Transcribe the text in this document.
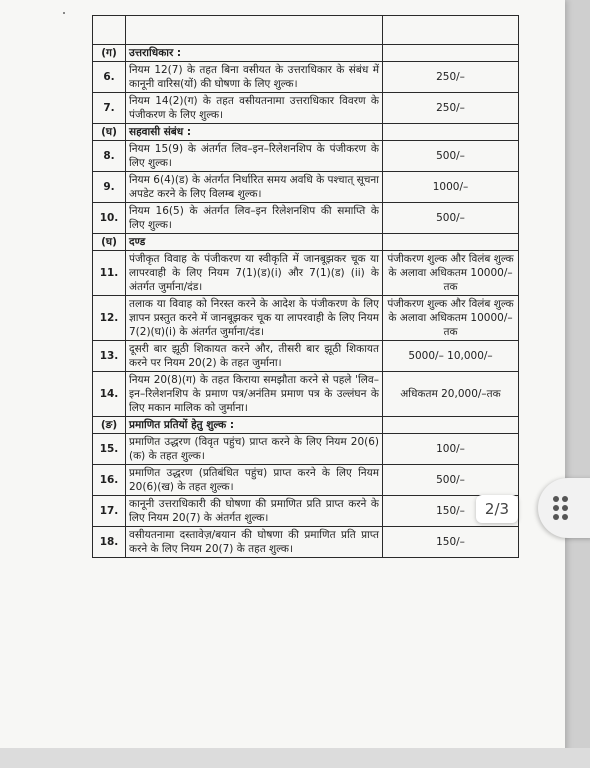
(ग)	उत्तराधिकार :	
6.	नियम 12(7) के तहत बिना वसीयत के उत्तराधिकार के संबंध में कानूनी वारिस(यों) की घोषणा के लिए शुल्क।	250/–
7.	नियम 14(2)(ग) के तहत वसीयतनामा उत्तराधिकार विवरण के पंजीकरण के लिए शुल्क।	250/–
(घ)	सहवासी संबंध :	
8.	नियम 15(9) के अंतर्गत लिव–इन–रिलेशनशिप के पंजीकरण के लिए शुल्क।	500/–
9.	नियम 6(4)(ड) के अंतर्गत निर्धारित समय अवधि के पश्चात् सूचना अपडेट करने के लिए विलम्ब शुल्क।	1000/–
10.	नियम 16(5) के अंतर्गत लिव–इन रिलेशनशिप की समाप्ति के लिए शुल्क।	500/–
(घ)	दण्ड	
11.	पंजीकृत विवाह के पंजीकरण या स्वीकृति में जानबूझकर चूक या लापरवाही के लिए नियम 7(1)(ड)(i) और 7(1)(ड) (ii) के अंतर्गत जुर्माना/दंड।	पंजीकरण शुल्क और विलंब शुल्क के अलावा अधिकतम 10000/–तक
12.	तलाक या विवाह को निरस्त करने के आदेश के पंजीकरण के लिए ज्ञापन प्रस्तुत करने में जानबूझकर चूक या लापरवाही के लिए नियम 7(2)(घ)(i) के अंतर्गत जुर्माना/दंड।	पंजीकरण शुल्क और विलंब शुल्क के अलावा अधिकतम 10000/–तक
13.	दूसरी बार झूठी शिकायत करने और, तीसरी बार झूठी शिकायत करने पर नियम 20(2) के तहत जुर्माना।	5000/– 10,000/–
14.	नियम 20(8)(ग) के तहत किराया समझौता करने से पहले 'लिव–इन–रिलेशनशिप के प्रमाण पत्र/अनंतिम प्रमाण पत्र के उल्लंघन के लिए मकान मालिक को जुर्माना।	अधिकतम 20,000/–तक
(ङ)	प्रमाणित प्रतियों हेतु शुल्क :	
15.	प्रमाणित उद्धरण (विवृत पहुंच) प्राप्त करने के लिए नियम 20(6)(क) के तहत शुल्क।	100/–
16.	प्रमाणित उद्धरण (प्रतिबंधित पहुंच) प्राप्त करने के लिए नियम 20(6)(ख) के तहत शुल्क।	500/–
17.	कानूनी उत्तराधिकारी की घोषणा की प्रमाणित प्रति प्राप्त करने के लिए नियम 20(7) के अंतर्गत शुल्क।	150/–
18.	वसीयतनामा दस्तावेज़/बयान की घोषणा की प्रमाणित प्रति प्राप्त करने के लिए नियम 20(7) के तहत शुल्क।	150/–
2/3
